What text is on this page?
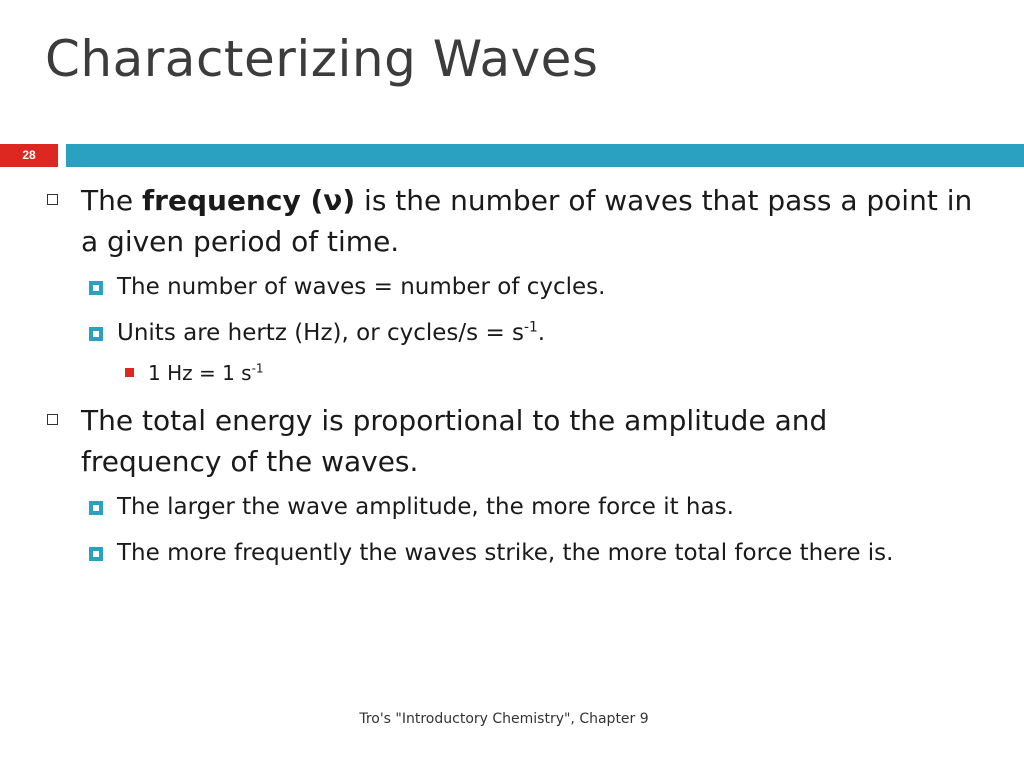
Characterizing Waves
28
The frequency (ν) is the number of waves that pass a point in a given period of time.
The number of waves = number of cycles.
Units are hertz (Hz), or cycles/s = $s^{-1}$.
1 Hz = 1 $s^{-1}$
The total energy is proportional to the amplitude and frequency of the waves.
The larger the wave amplitude, the more force it has.
The more frequently the waves strike, the more total force there is.
Tro's "Introductory Chemistry", Chapter 9
